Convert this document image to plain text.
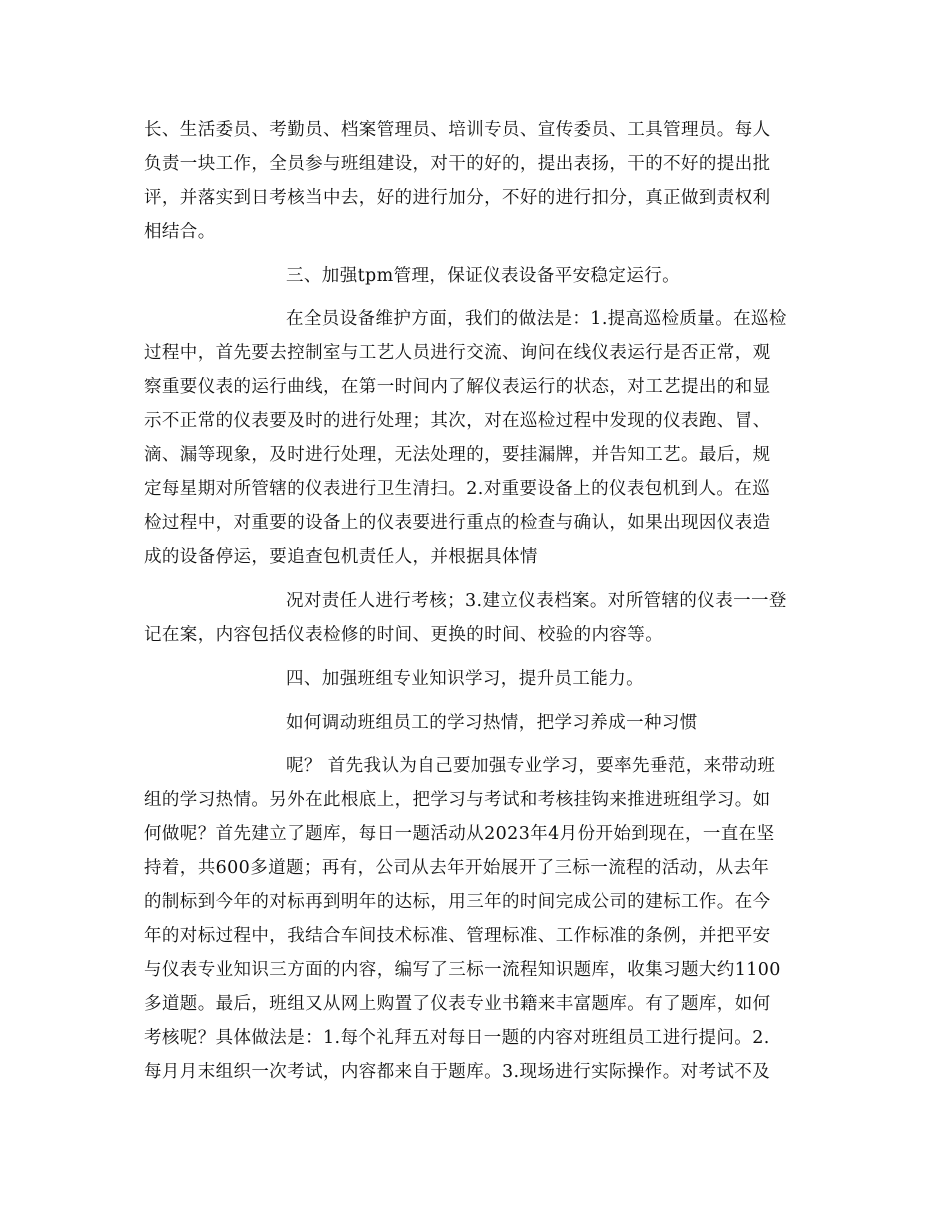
长、生活委员、考勤员、档案管理员、培训专员、宣传委员、工具管理员。每人
负责一块工作，全员参与班组建设，对干的好的，提出表扬，干的不好的提出批
评，并落实到日考核当中去，好的进行加分，不好的进行扣分，真正做到责权利
相结合。
三、加强tpm管理，保证仪表设备平安稳定运行。
在全员设备维护方面，我们的做法是：1.提高巡检质量。在巡检
过程中，首先要去控制室与工艺人员进行交流、询问在线仪表运行是否正常，观
察重要仪表的运行曲线，在第一时间内了解仪表运行的状态，对工艺提出的和显
示不正常的仪表要及时的进行处理；其次，对在巡检过程中发现的仪表跑、冒、
滴、漏等现象，及时进行处理，无法处理的，要挂漏牌，并告知工艺。最后，规
定每星期对所管辖的仪表进行卫生清扫。2.对重要设备上的仪表包机到人。在巡
检过程中，对重要的设备上的仪表要进行重点的检查与确认，如果出现因仪表造
成的设备停运，要追查包机责任人，并根据具体情
况对责任人进行考核；3.建立仪表档案。对所管辖的仪表一一登
记在案，内容包括仪表检修的时间、更换的时间、校验的内容等。
四、加强班组专业知识学习，提升员工能力。
如何调动班组员工的学习热情，把学习养成一种习惯
呢？ 首先我认为自己要加强专业学习，要率先垂范，来带动班
组的学习热情。另外在此根底上，把学习与考试和考核挂钩来推进班组学习。如
何做呢？首先建立了题库，每日一题活动从2023年4月份开始到现在，一直在坚
持着，共600多道题；再有，公司从去年开始展开了三标一流程的活动，从去年
的制标到今年的对标再到明年的达标，用三年的时间完成公司的建标工作。在今
年的对标过程中，我结合车间技术标准、管理标准、工作标准的条例，并把平安
与仪表专业知识三方面的内容，编写了三标一流程知识题库，收集习题大约1100
多道题。最后，班组又从网上购置了仪表专业书籍来丰富题库。有了题库，如何
考核呢？具体做法是：1.每个礼拜五对每日一题的内容对班组员工进行提问。2.
每月月末组织一次考试，内容都来自于题库。3.现场进行实际操作。对考试不及
